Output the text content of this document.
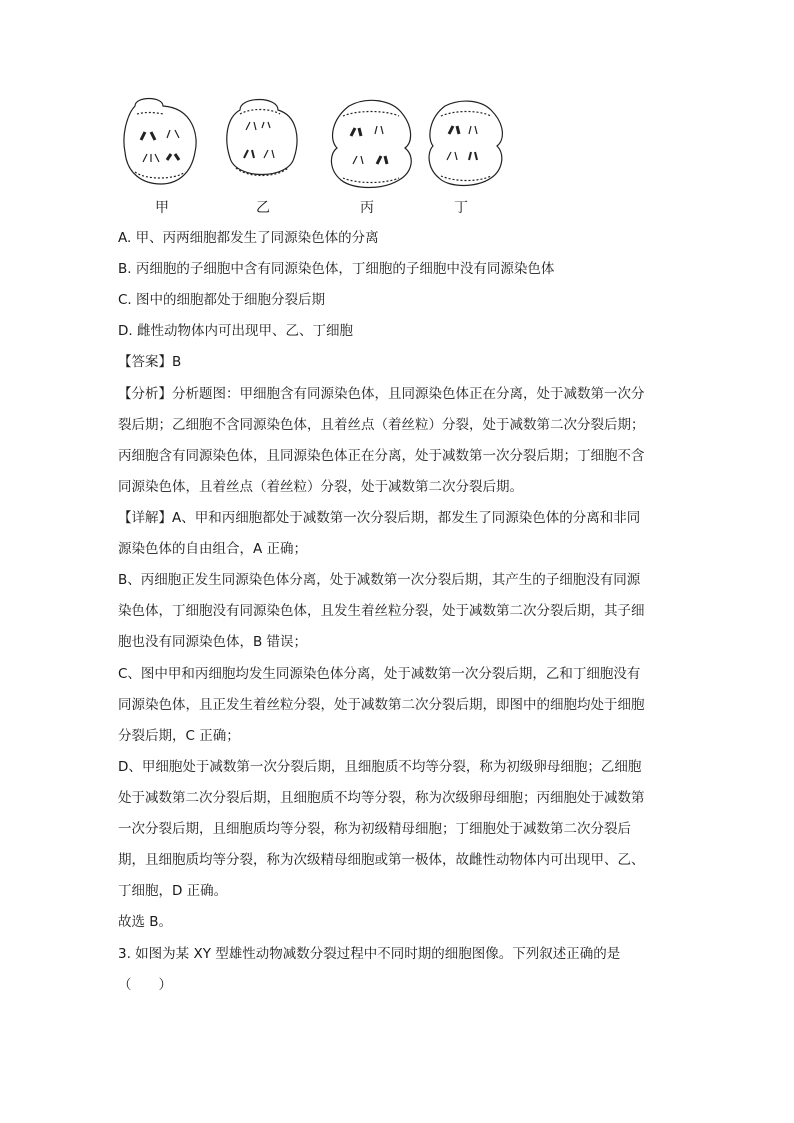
甲	乙	丙	丁
A. 甲、丙两细胞都发生了同源染色体的分离
B. 丙细胞的子细胞中含有同源染色体，丁细胞的子细胞中没有同源染色体
C. 图中的细胞都处于细胞分裂后期
D. 雌性动物体内可出现甲、乙、丁细胞
【答案】B
【分析】分析题图：甲细胞含有同源染色体，且同源染色体正在分离，处于减数第一次分
裂后期；乙细胞不含同源染色体，且着丝点（着丝粒）分裂，处于减数第二次分裂后期；
丙细胞含有同源染色体，且同源染色体正在分离，处于减数第一次分裂后期；丁细胞不含
同源染色体，且着丝点（着丝粒）分裂，处于减数第二次分裂后期。
【详解】A、甲和丙细胞都处于减数第一次分裂后期，都发生了同源染色体的分离和非同
源染色体的自由组合，A 正确；
B、丙细胞正发生同源染色体分离，处于减数第一次分裂后期，其产生的子细胞没有同源
染色体，丁细胞没有同源染色体，且发生着丝粒分裂，处于减数第二次分裂后期，其子细
胞也没有同源染色体，B 错误；
C、图中甲和丙细胞均发生同源染色体分离，处于减数第一次分裂后期，乙和丁细胞没有
同源染色体，且正发生着丝粒分裂，处于减数第二次分裂后期，即图中的细胞均处于细胞
分裂后期，C 正确；
D、甲细胞处于减数第一次分裂后期，且细胞质不均等分裂，称为初级卵母细胞；乙细胞
处于减数第二次分裂后期，且细胞质不均等分裂，称为次级卵母细胞；丙细胞处于减数第
一次分裂后期，且细胞质均等分裂，称为初级精母细胞；丁细胞处于减数第二次分裂后
期，且细胞质均等分裂，称为次级精母细胞或第一极体，故雌性动物体内可出现甲、乙、
丁细胞，D 正确。
故选 B。
3. 如图为某 XY 型雄性动物减数分裂过程中不同时期的细胞图像。下列叙述正确的是
（　　）
